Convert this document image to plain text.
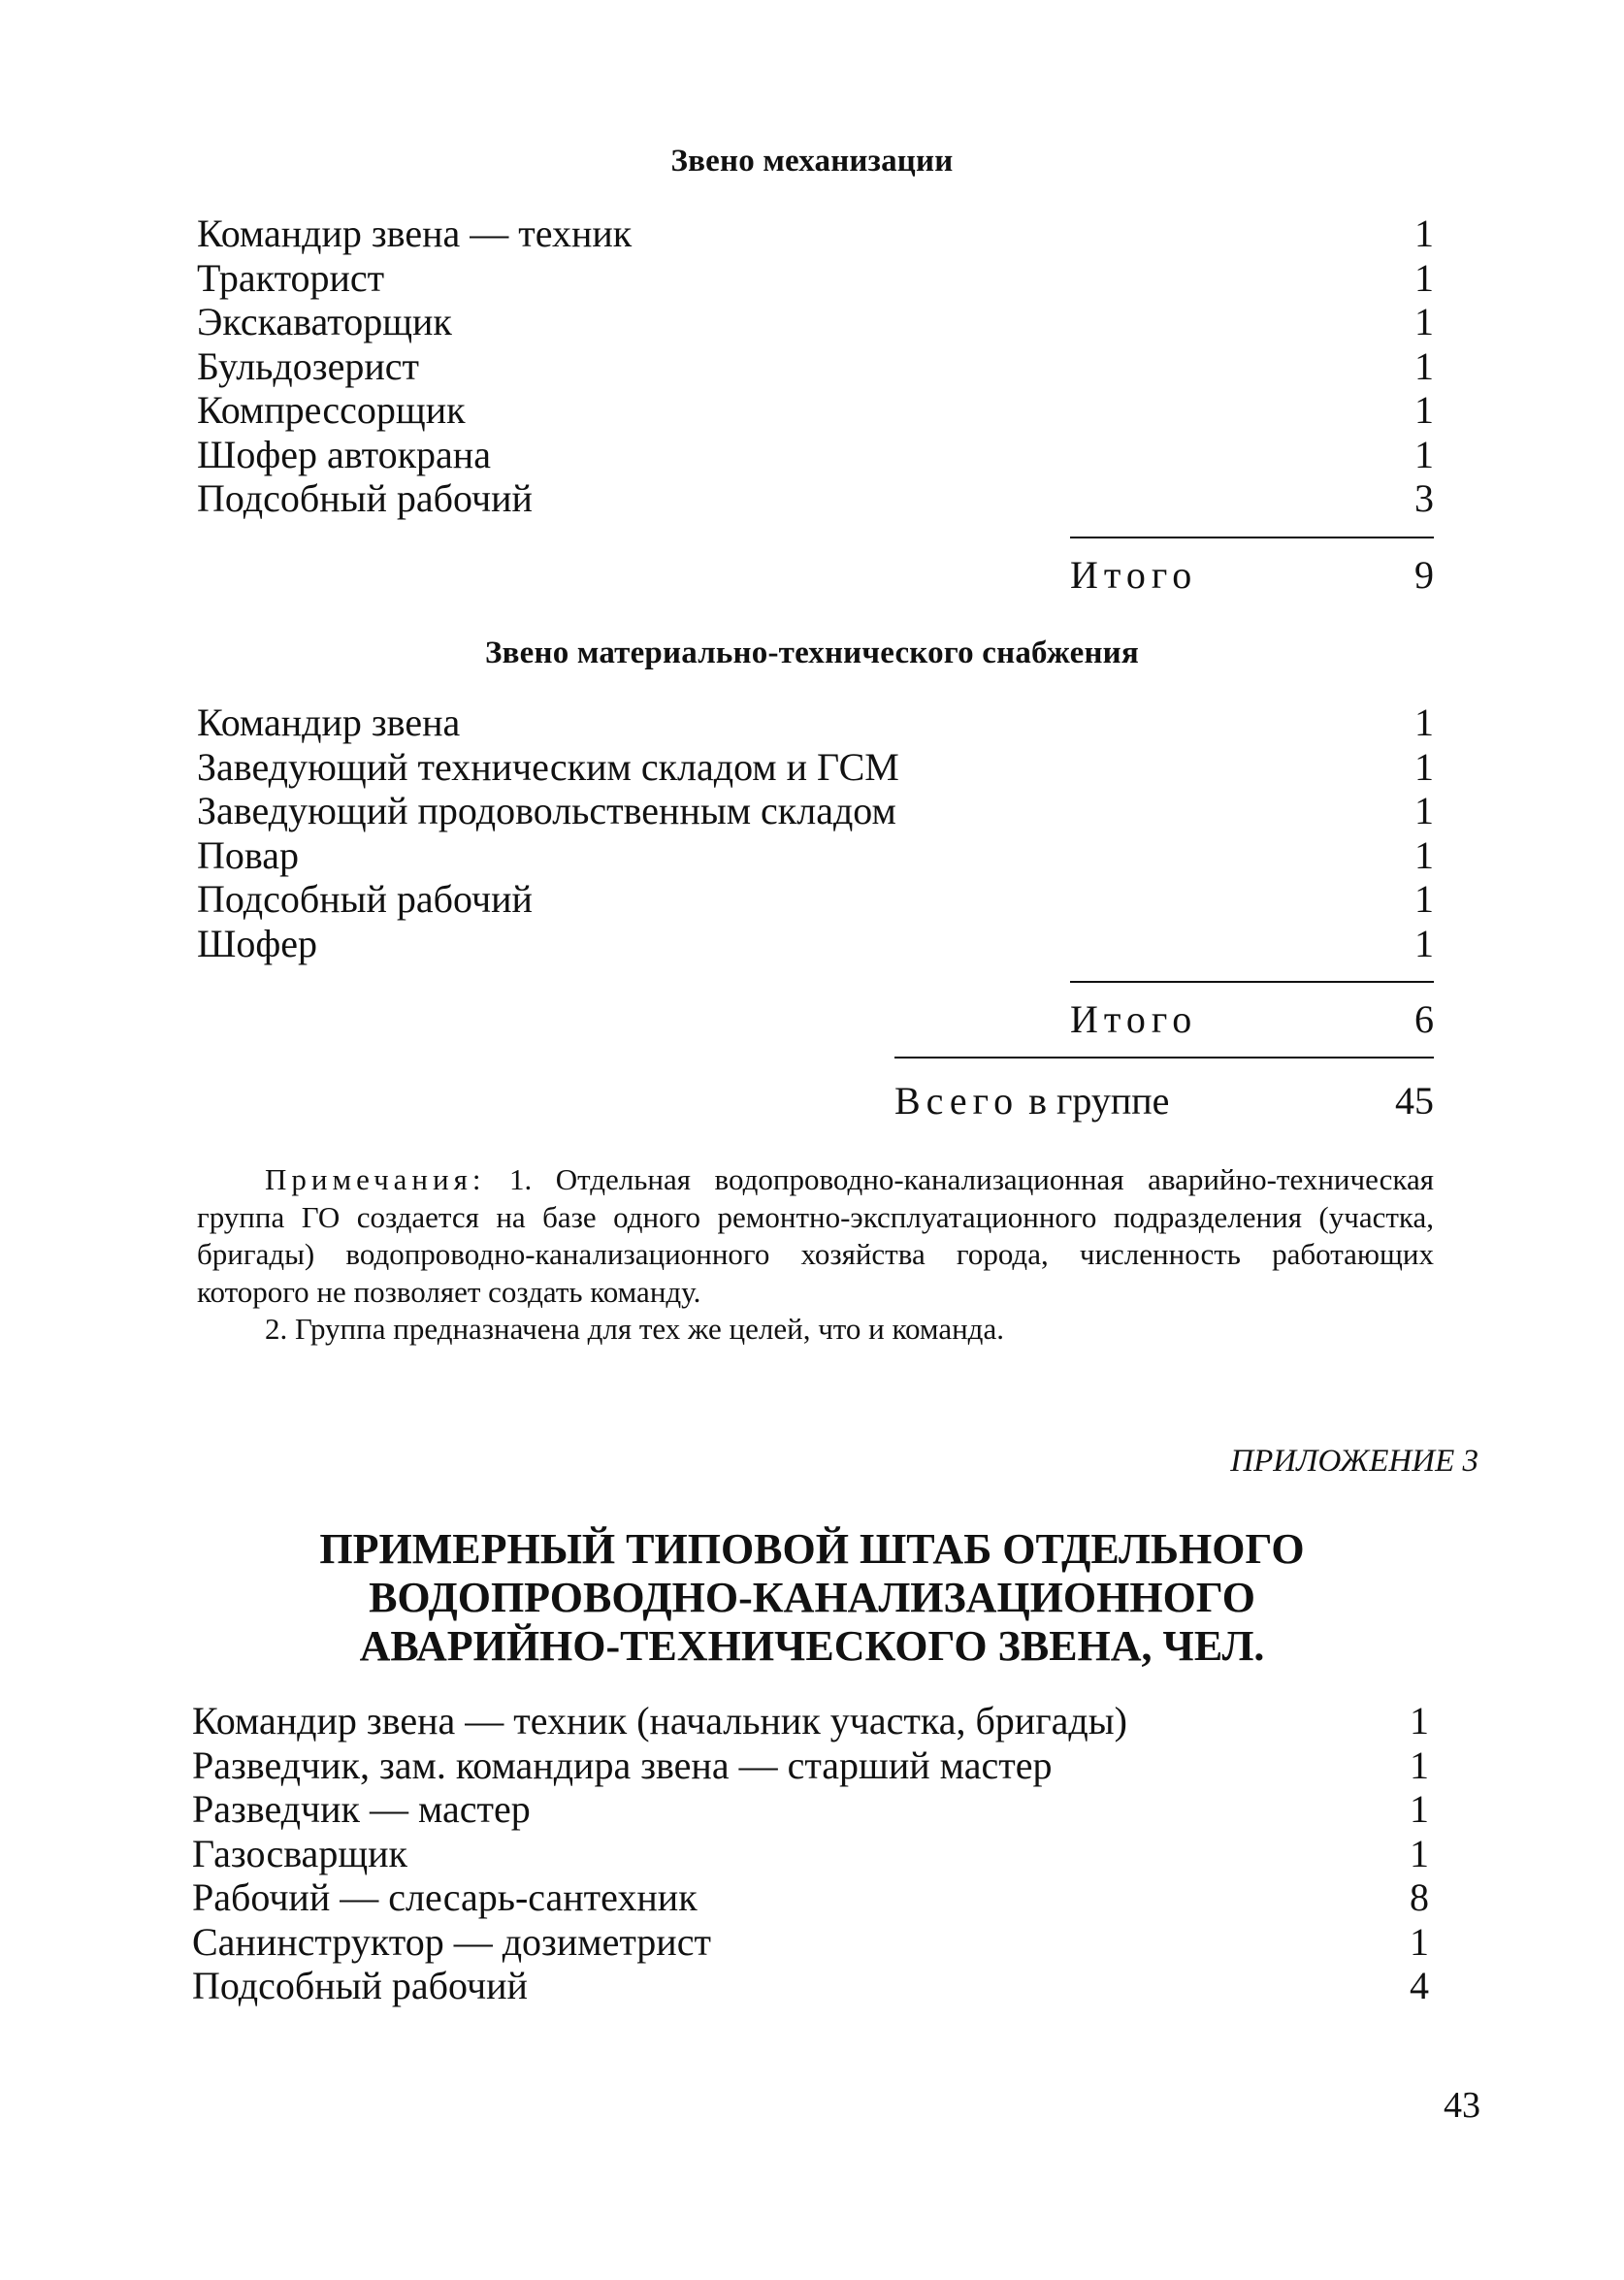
Звено механизации
Командир звена — техник	1
Тракторист	1
Экскаваторщик	1
Бульдозерист	1
Компрессорщик	1
Шофер автокрана	1
Подсобный рабочий	3
Итого	9
Звено материально-технического снабжения
Командир звена	1
Заведующий техническим складом и ГСМ	1
Заведующий продовольственным складом	1
Повар	1
Подсобный рабочий	1
Шофер	1
Итого	6
Всего в группе	45

Примечания: 1. Отдельная водопроводно-канализационная аварийно-техническая группа ГО создается на базе одного ремонтно-эксплуатационного подразделения (участка, бригады) водопроводно-канализационного хозяйства города, численность работающих которого не позволяет создать команду.

2. Группа предназначена для тех же целей, что и команда.

ПРИЛОЖЕНИЕ 3
ПРИМЕРНЫЙ ТИПОВОЙ ШТАБ ОТДЕЛЬНОГО
ВОДОПРОВОДНО-КАНАЛИЗАЦИОННОГО
АВАРИЙНО-ТЕХНИЧЕСКОГО ЗВЕНА, ЧЕЛ.
Командир звена — техник (начальник участка, бригады)	1
Разведчик, зам. командира звена — старший мастер	1
Разведчик — мастер	1
Газосварщик	1
Рабочий — слесарь-сантехник	8
Санинструктор — дозиметрист	1
Подсобный рабочий	4
43
